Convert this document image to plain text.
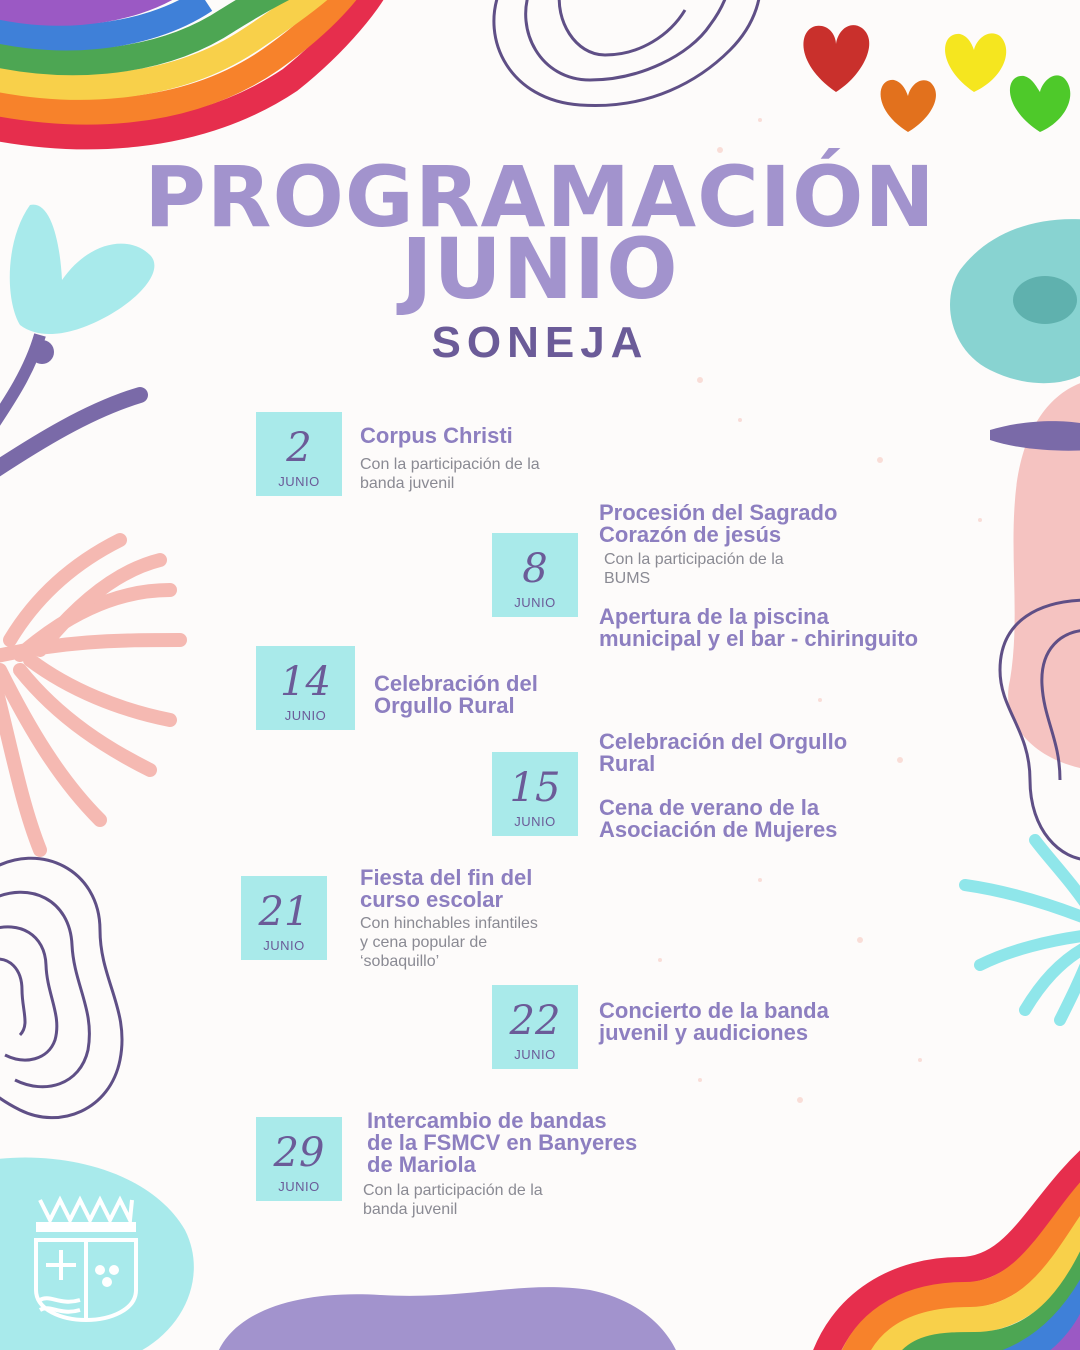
PROGRAMACIÓN
JUNIO
SONEJA
2
JUNIO

Corpus Christi

Con la participación de la
banda juvenil

8
JUNIO

Procesión del Sagrado
Corazón de jesús

Con la participación de la
BUMS

Apertura de la piscina
municipal y el bar - chiringuito

14
JUNIO

Celebración del
Orgullo Rural

15
JUNIO

Celebración del Orgullo
Rural

Cena de verano de la
Asociación de Mujeres

21
JUNIO

Fiesta del fin del
curso escolar

Con hinchables infantiles
y cena popular de
‘sobaquillo’

22
JUNIO

Concierto de la banda
juvenil y audiciones

29
JUNIO

Intercambio de bandas
de la FSMCV en Banyeres
de Mariola

Con la participación de la
banda juvenil
